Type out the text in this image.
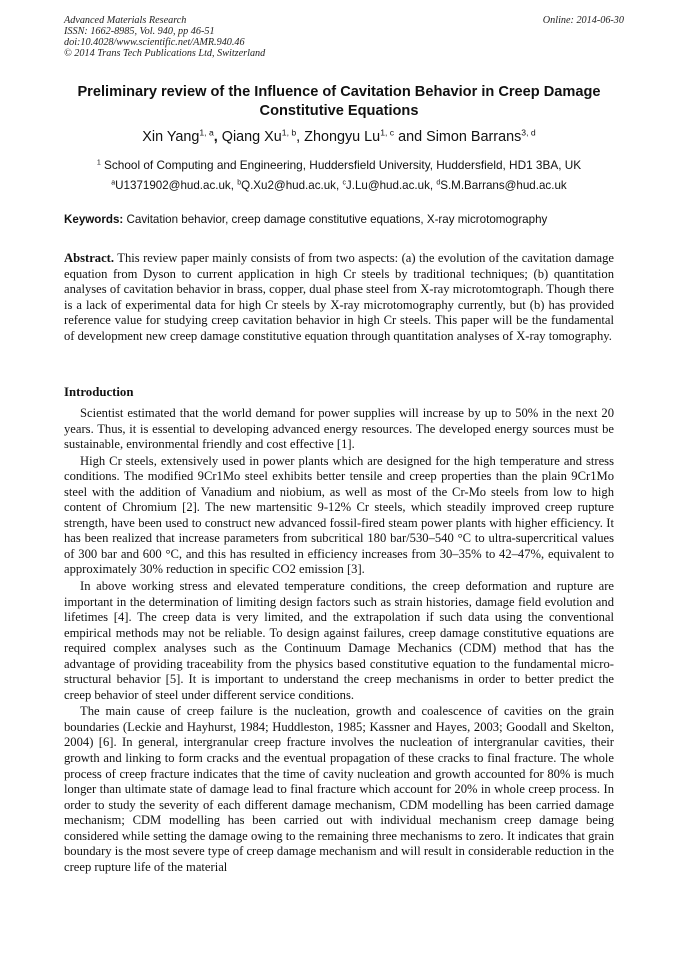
Advanced Materials Research
ISSN: 1662-8985, Vol. 940, pp 46-51
doi:10.4028/www.scientific.net/AMR.940.46
© 2014 Trans Tech Publications Ltd, Switzerland
Online: 2014-06-30
Preliminary review of the Influence of Cavitation Behavior in Creep Damage Constitutive Equations
Xin Yang$^{1, a}$, Qiang Xu$^{1, b}$, Zhongyu Lu$^{1, c}$ and Simon Barrans$^{3, d}$
$^1$ School of Computing and Engineering, Huddersfield University, Huddersfield, HD1 3BA, UK
$^a$U1371902@hud.ac.uk, $^b$Q.Xu2@hud.ac.uk, $^c$J.Lu@hud.ac.uk, $^d$S.M.Barrans@hud.ac.uk
Keywords: Cavitation behavior, creep damage constitutive equations, X-ray microtomography

Abstract. This review paper mainly consists of from two aspects: (a) the evolution of the cavitation damage equation from Dyson to current application in high Cr steels by traditional techniques; (b) quantitation analyses of cavitation behavior in brass, copper, dual phase steel from X-ray microtomtograph. Though there is a lack of experimental data for high Cr steels by X-ray microtomography currently, but (b) has provided reference value for studying creep cavitation behavior in high Cr steels. This paper will be the fundamental of development new creep damage constitutive equation through quantitation analyses of X-ray tomography.

Introduction

Scientist estimated that the world demand for power supplies will increase by up to 50% in the next 20 years. Thus, it is essential to developing advanced energy resources. The developed energy sources must be sustainable, environmental friendly and cost effective [1].

High Cr steels, extensively used in power plants which are designed for the high temperature and stress conditions. The modified 9Cr1Mo steel exhibits better tensile and creep properties than the plain 9Cr1Mo steel with the addition of Vanadium and niobium, as well as most of the Cr-Mo steels from low to high content of Chromium [2]. The new martensitic 9-12% Cr steels, which steadily improved creep rupture strength, have been used to construct new advanced fossil-fired steam power plants with higher efficiency. It has been realized that increase parameters from subcritical 180 bar/530–540 °C to ultra-supercritical values of 300 bar and 600 °C, and this has resulted in efficiency increases from 30–35% to 42–47%, equivalent to approximately 30% reduction in specific CO2 emission [3].

In above working stress and elevated temperature conditions, the creep deformation and rupture are important in the determination of limiting design factors such as strain histories, damage field evolution and lifetimes [4]. The creep data is very limited, and the extrapolation if such data using the conventional empirical methods may not be reliable. To design against failures, creep damage constitutive equations are required complex analyses such as the Continuum Damage Mechanics (CDM) method that has the advantage of providing traceability from the physics based constitutive equation to the fundamental micro-structural behavior [5]. It is important to understand the creep mechanisms in order to better predict the creep behavior of steel under different service conditions.

The main cause of creep failure is the nucleation, growth and coalescence of cavities on the grain boundaries (Leckie and Hayhurst, 1984; Huddleston, 1985; Kassner and Hayes, 2003; Goodall and Skelton, 2004) [6]. In general, intergranular creep fracture involves the nucleation of intergranular cavities, their growth and linking to form cracks and the eventual propagation of these cracks to final fracture. The whole process of creep fracture indicates that the time of cavity nucleation and growth accounted for 80% is much longer than ultimate state of damage lead to final fracture which account for 20% in whole creep process. In order to study the severity of each different damage mechanism, CDM modelling has been carried damage mechanism; CDM modelling has been carried out with individual mechanism creep damage being considered while setting the damage owing to the remaining three mechanisms to zero. It indicates that grain boundary is the most severe type of creep damage mechanism and will result in considerable reduction in the creep rupture life of the material
